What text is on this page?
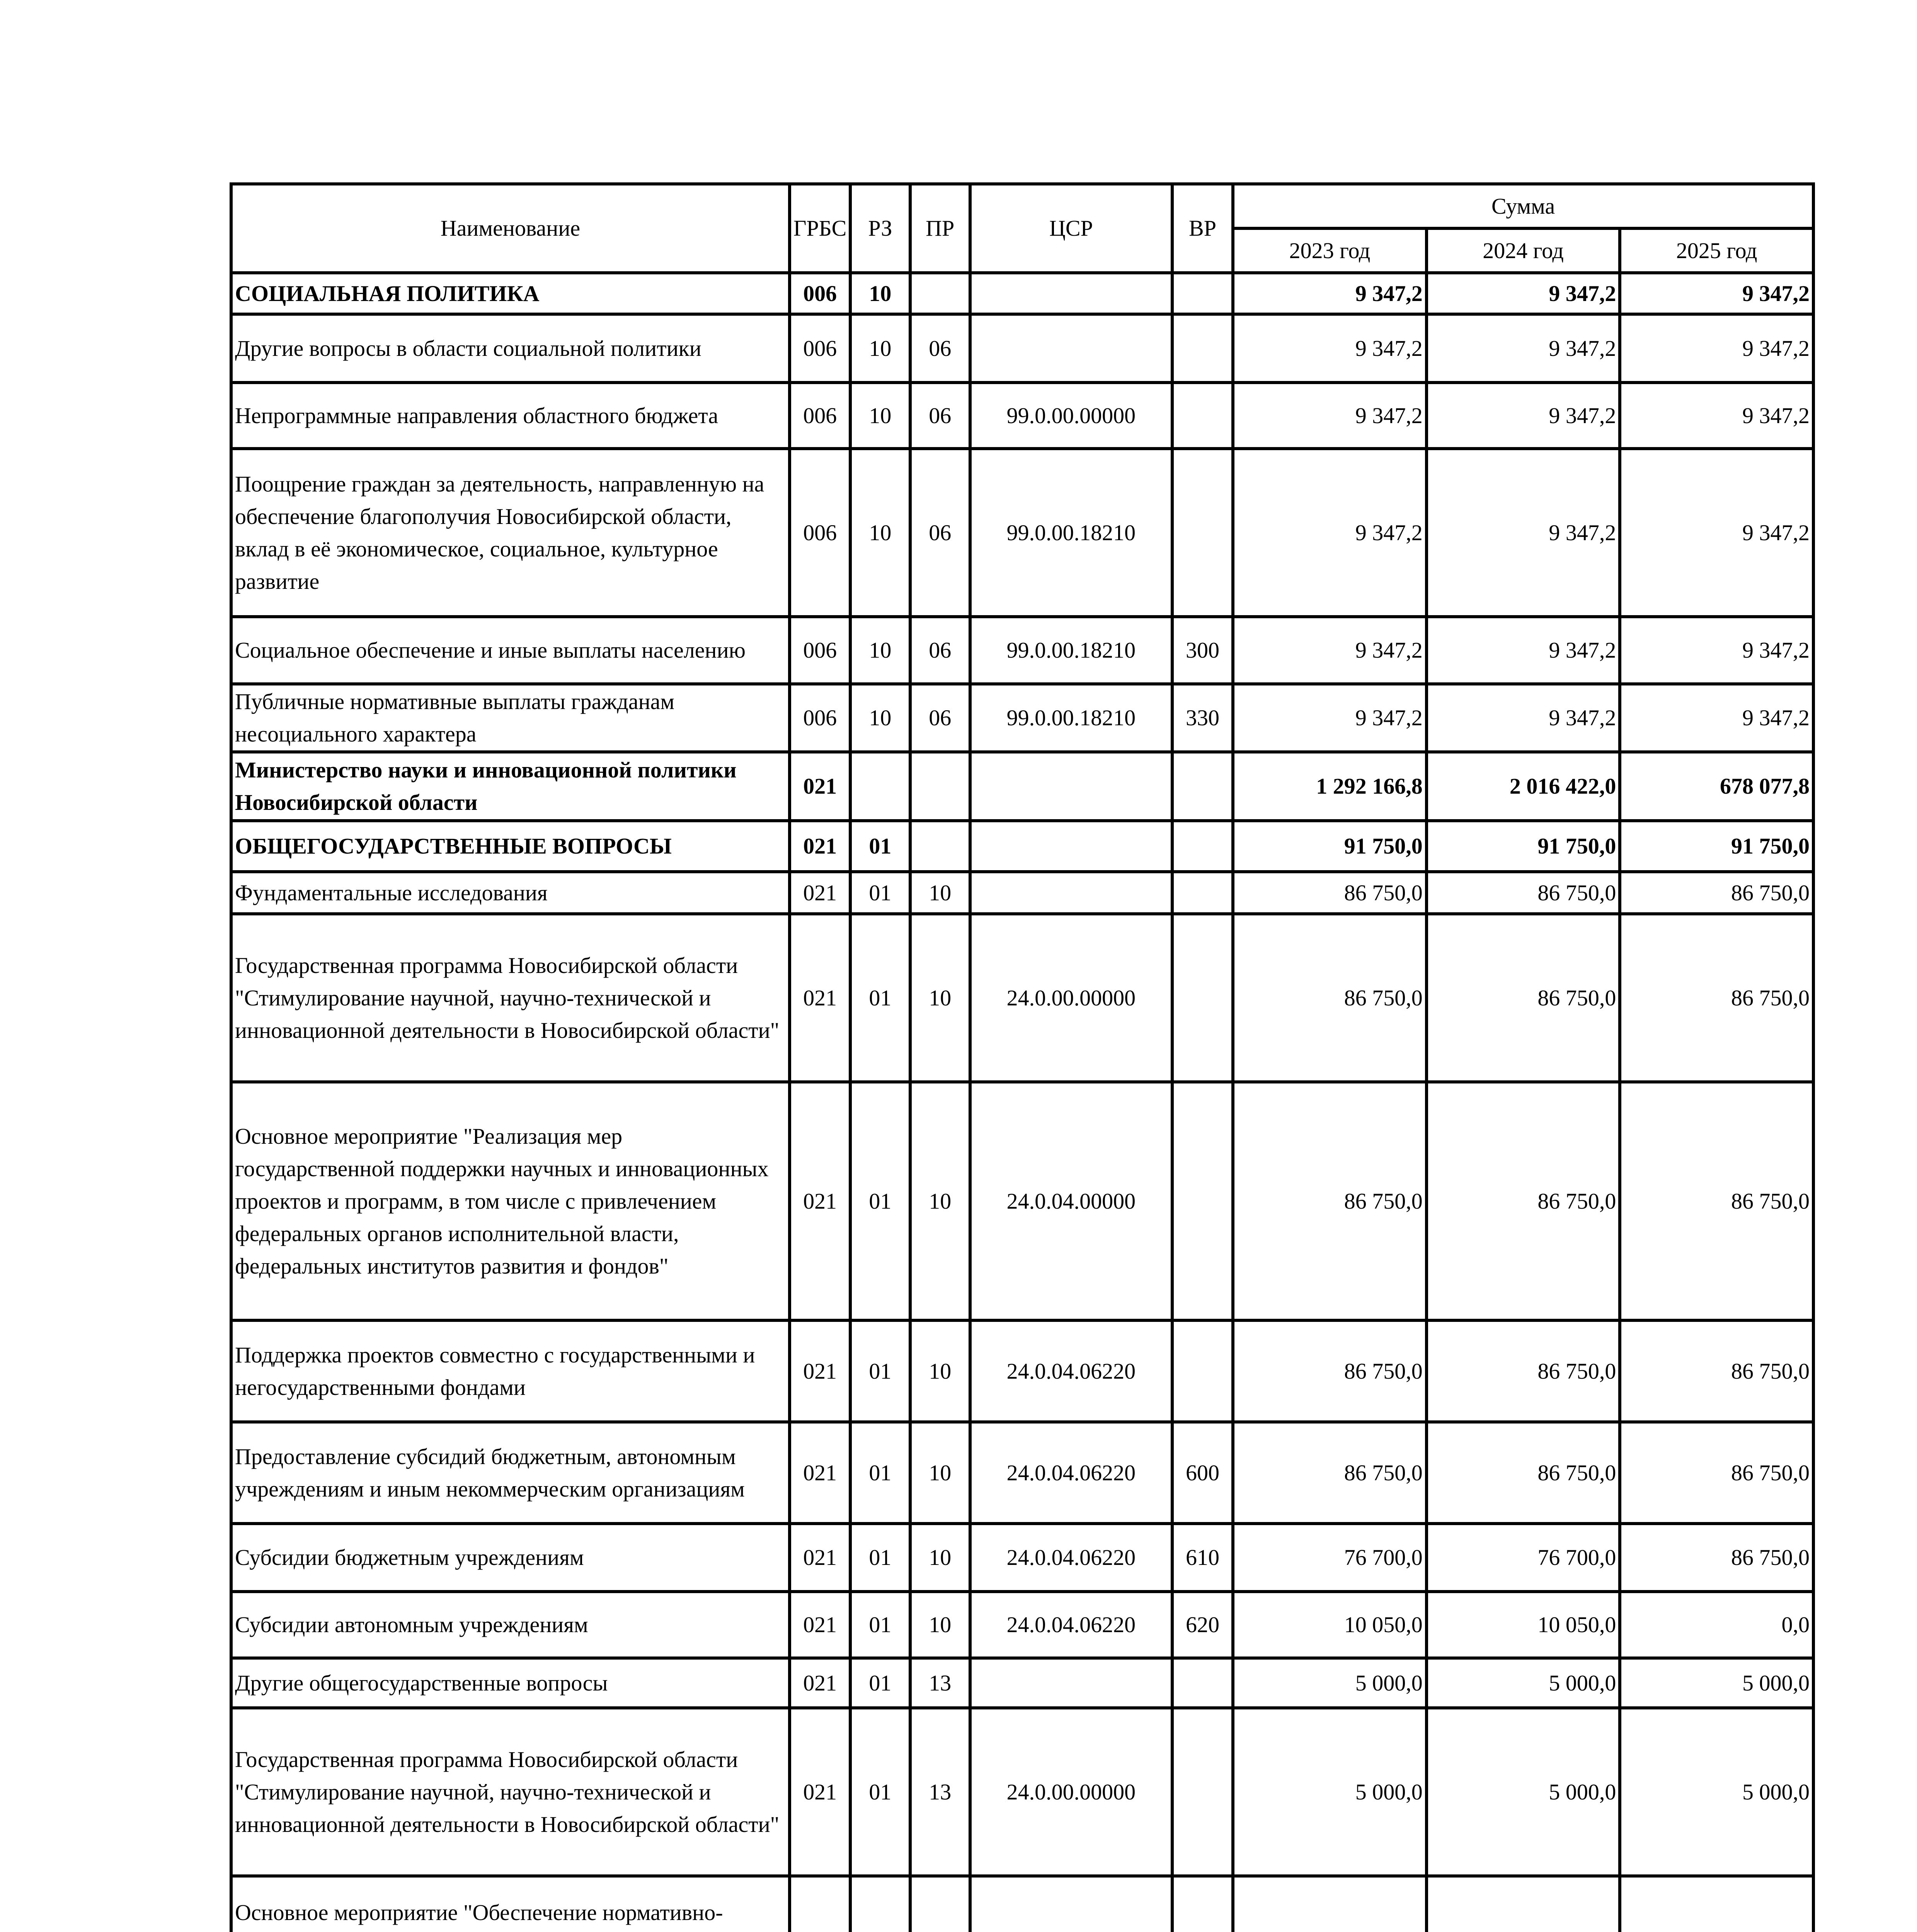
Наименование	ГРБС	РЗ	ПР	ЦСР	ВР	Сумма		
						2023 год	2024 год	2025 год
СОЦИАЛЬНАЯ ПОЛИТИКА	006	10				9 347,2	9 347,2	9 347,2
Другие вопросы в области социальной политики	006	10	06			9 347,2	9 347,2	9 347,2
Непрограммные направления областного бюджета	006	10	06	99.0.00.00000		9 347,2	9 347,2	9 347,2
Поощрение граждан за деятельность, направленную на обеспечение благополучия Новосибирской области, вклад в её экономическое, социальное, культурное развитие	006	10	06	99.0.00.18210		9 347,2	9 347,2	9 347,2
Социальное обеспечение и иные выплаты населению	006	10	06	99.0.00.18210	300	9 347,2	9 347,2	9 347,2
Публичные нормативные выплаты гражданам несоциального характера	006	10	06	99.0.00.18210	330	9 347,2	9 347,2	9 347,2
Министерство науки и инновационной политики Новосибирской области	021					1 292 166,8	2 016 422,0	678 077,8
ОБЩЕГОСУДАРСТВЕННЫЕ ВОПРОСЫ	021	01				91 750,0	91 750,0	91 750,0
Фундаментальные исследования	021	01	10			86 750,0	86 750,0	86 750,0
Государственная программа Новосибирской области "Стимулирование научной, научно-технической и инновационной деятельности в Новосибирской области"	021	01	10	24.0.00.00000		86 750,0	86 750,0	86 750,0
Основное мероприятие "Реализация мер государственной поддержки научных и инновационных проектов и программ, в том числе с привлечением федеральных органов исполнительной власти, федеральных институтов развития и фондов"	021	01	10	24.0.04.00000		86 750,0	86 750,0	86 750,0
Поддержка проектов совместно с государственными и негосударственными фондами	021	01	10	24.0.04.06220		86 750,0	86 750,0	86 750,0
Предоставление субсидий бюджетным, автономным учреждениям и иным некоммерческим организациям	021	01	10	24.0.04.06220	600	86 750,0	86 750,0	86 750,0
Субсидии бюджетным учреждениям	021	01	10	24.0.04.06220	610	76 700,0	76 700,0	86 750,0
Субсидии автономным учреждениям	021	01	10	24.0.04.06220	620	10 050,0	10 050,0	0,0
Другие общегосударственные вопросы	021	01	13			5 000,0	5 000,0	5 000,0
Государственная программа Новосибирской области "Стимулирование научной, научно-технической и инновационной деятельности в Новосибирской области"	021	01	13	24.0.00.00000		5 000,0	5 000,0	5 000,0
Основное мероприятие "Обеспечение нормативно-								
